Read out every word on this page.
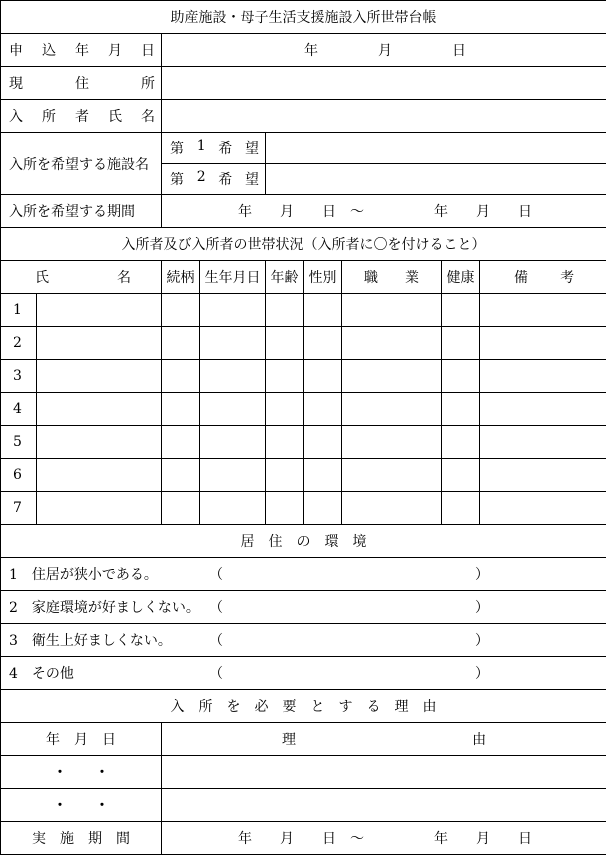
助産施設・母子生活支援施設入所世帯台帳								

申 込 年 月 日		年 月 日						

現 住 所								

入 所 者 氏 名								

入所を希望する施設名		第 1 希 望						

		第 2 希 望						

入所を希望する期間		年　　月　　日　～　　　　　年　　月　　日						
入所者及び入所者の世帯状況（入所者に〇を付けること）								

氏 名		続柄	生年月日	年齢	性別	職 業	健康	備 考

1								
2								
3								
4								
5								
6								
7								
居　住　の　環　境								

1　住居が狭小である。 （ ）								

2　家庭環境が好ましくない。 （ ）								

3　衛生上好ましくない。 （ ）								

4　その他 （ ）								

入　所　を　必　要　と　す　る　理　由								
年　月　日		理 由						

・　　・								
・　　・								
実　施　期　間		年　　月　　日　～　　　　　年　　月　　日						
